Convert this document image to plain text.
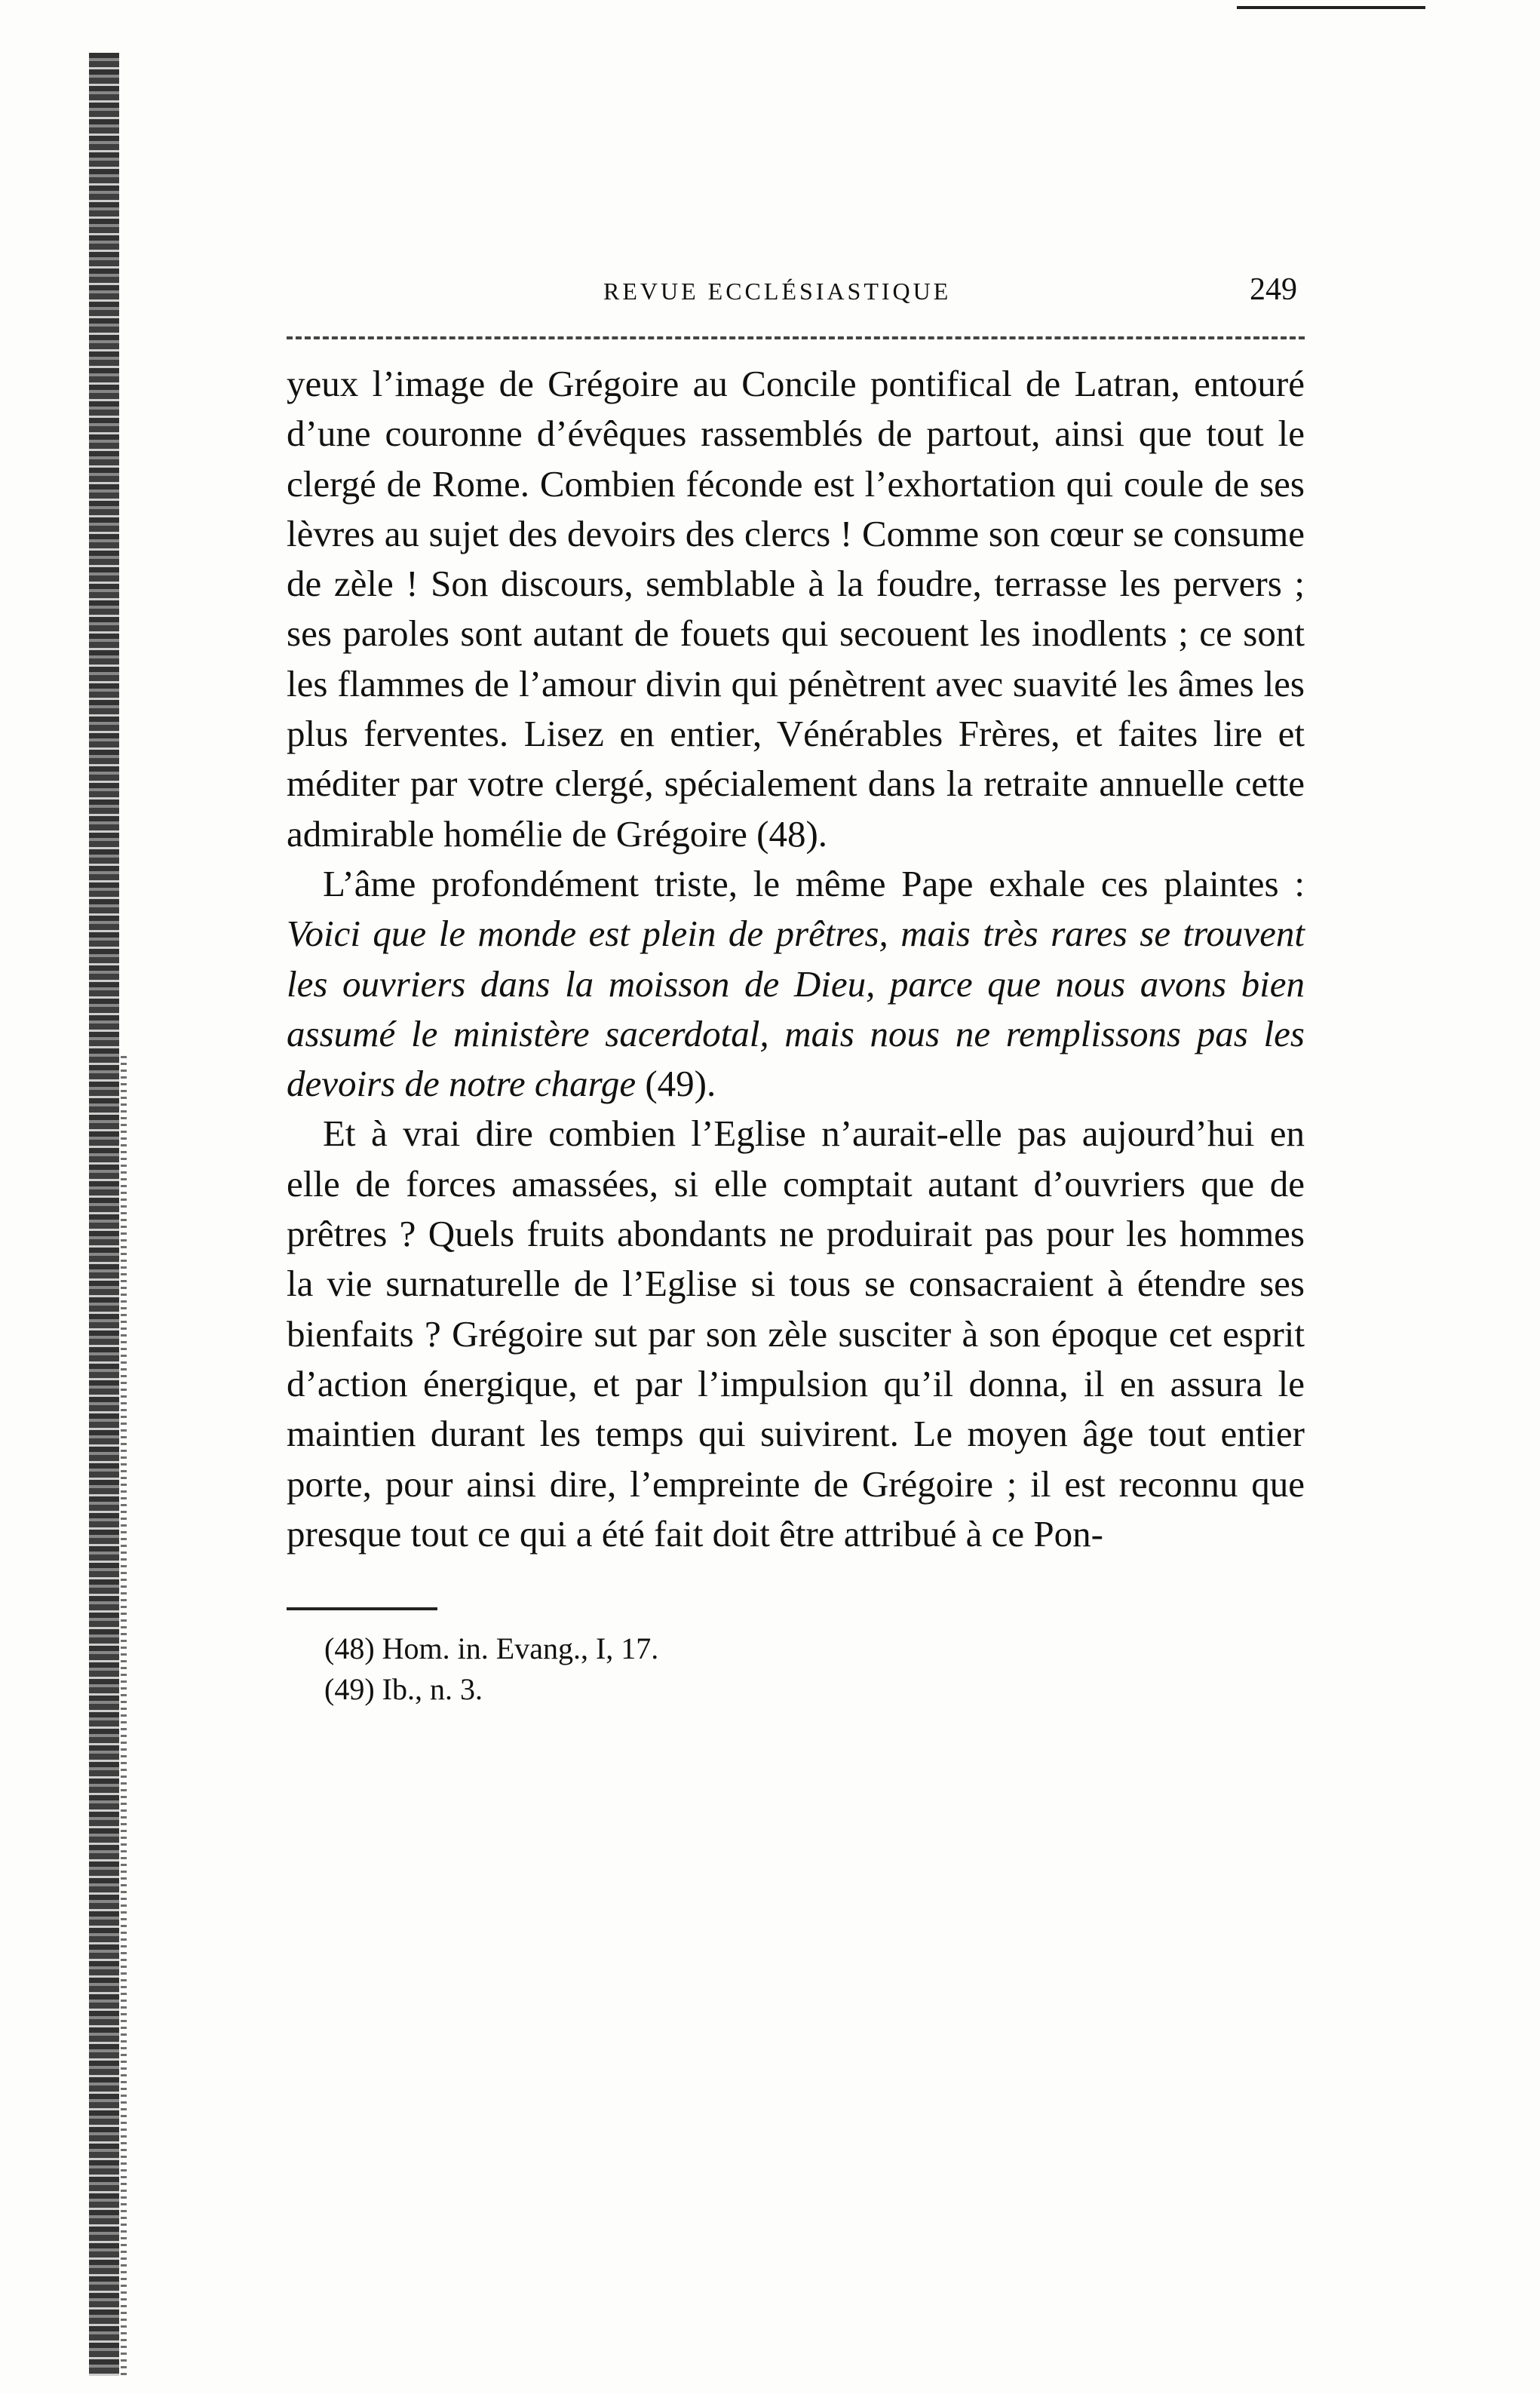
REVUE ECCLÉSIASTIQUE	249

yeux l’image de Grégoire au Concile pontifical de Latran, entouré d’une couronne d’évêques rassemblés de partout, ainsi que tout le clergé de Rome. Combien féconde est l’exhortation qui coule de ses lèvres au sujet des devoirs des clercs ! Comme son cœur se consume de zèle ! Son discours, semblable à la foudre, terrasse les pervers ; ses paroles sont autant de fouets qui secouent les inodlents ; ce sont les flammes de l’amour divin qui pénètrent avec suavité les âmes les plus ferventes. Lisez en entier, Vénérables Frères, et faites lire et méditer par votre clergé, spécialement dans la retraite annuelle cette admirable homélie de Grégoire (48).

L’âme profondément triste, le même Pape exhale ces plaintes : Voici que le monde est plein de prêtres, mais très rares se trouvent les ouvriers dans la moisson de Dieu, parce que nous avons bien assumé le ministère sacerdotal, mais nous ne remplissons pas les devoirs de notre charge (49).

Et à vrai dire combien l’Eglise n’aurait-elle pas aujourd’hui en elle de forces amassées, si elle comptait autant d’ouvriers que de prêtres ? Quels fruits abondants ne produirait pas pour les hommes la vie surnaturelle de l’Eglise si tous se consacraient à étendre ses bienfaits ? Grégoire sut par son zèle susciter à son époque cet esprit d’action énergique, et par l’impulsion qu’il donna, il en assura le maintien durant les temps qui suivirent. Le moyen âge tout entier porte, pour ainsi dire, l’empreinte de Grégoire ; il est reconnu que presque tout ce qui a été fait doit être attribué à ce Pon-

(48) Hom. in. Evang., I, 17.
(49) Ib., n. 3.
